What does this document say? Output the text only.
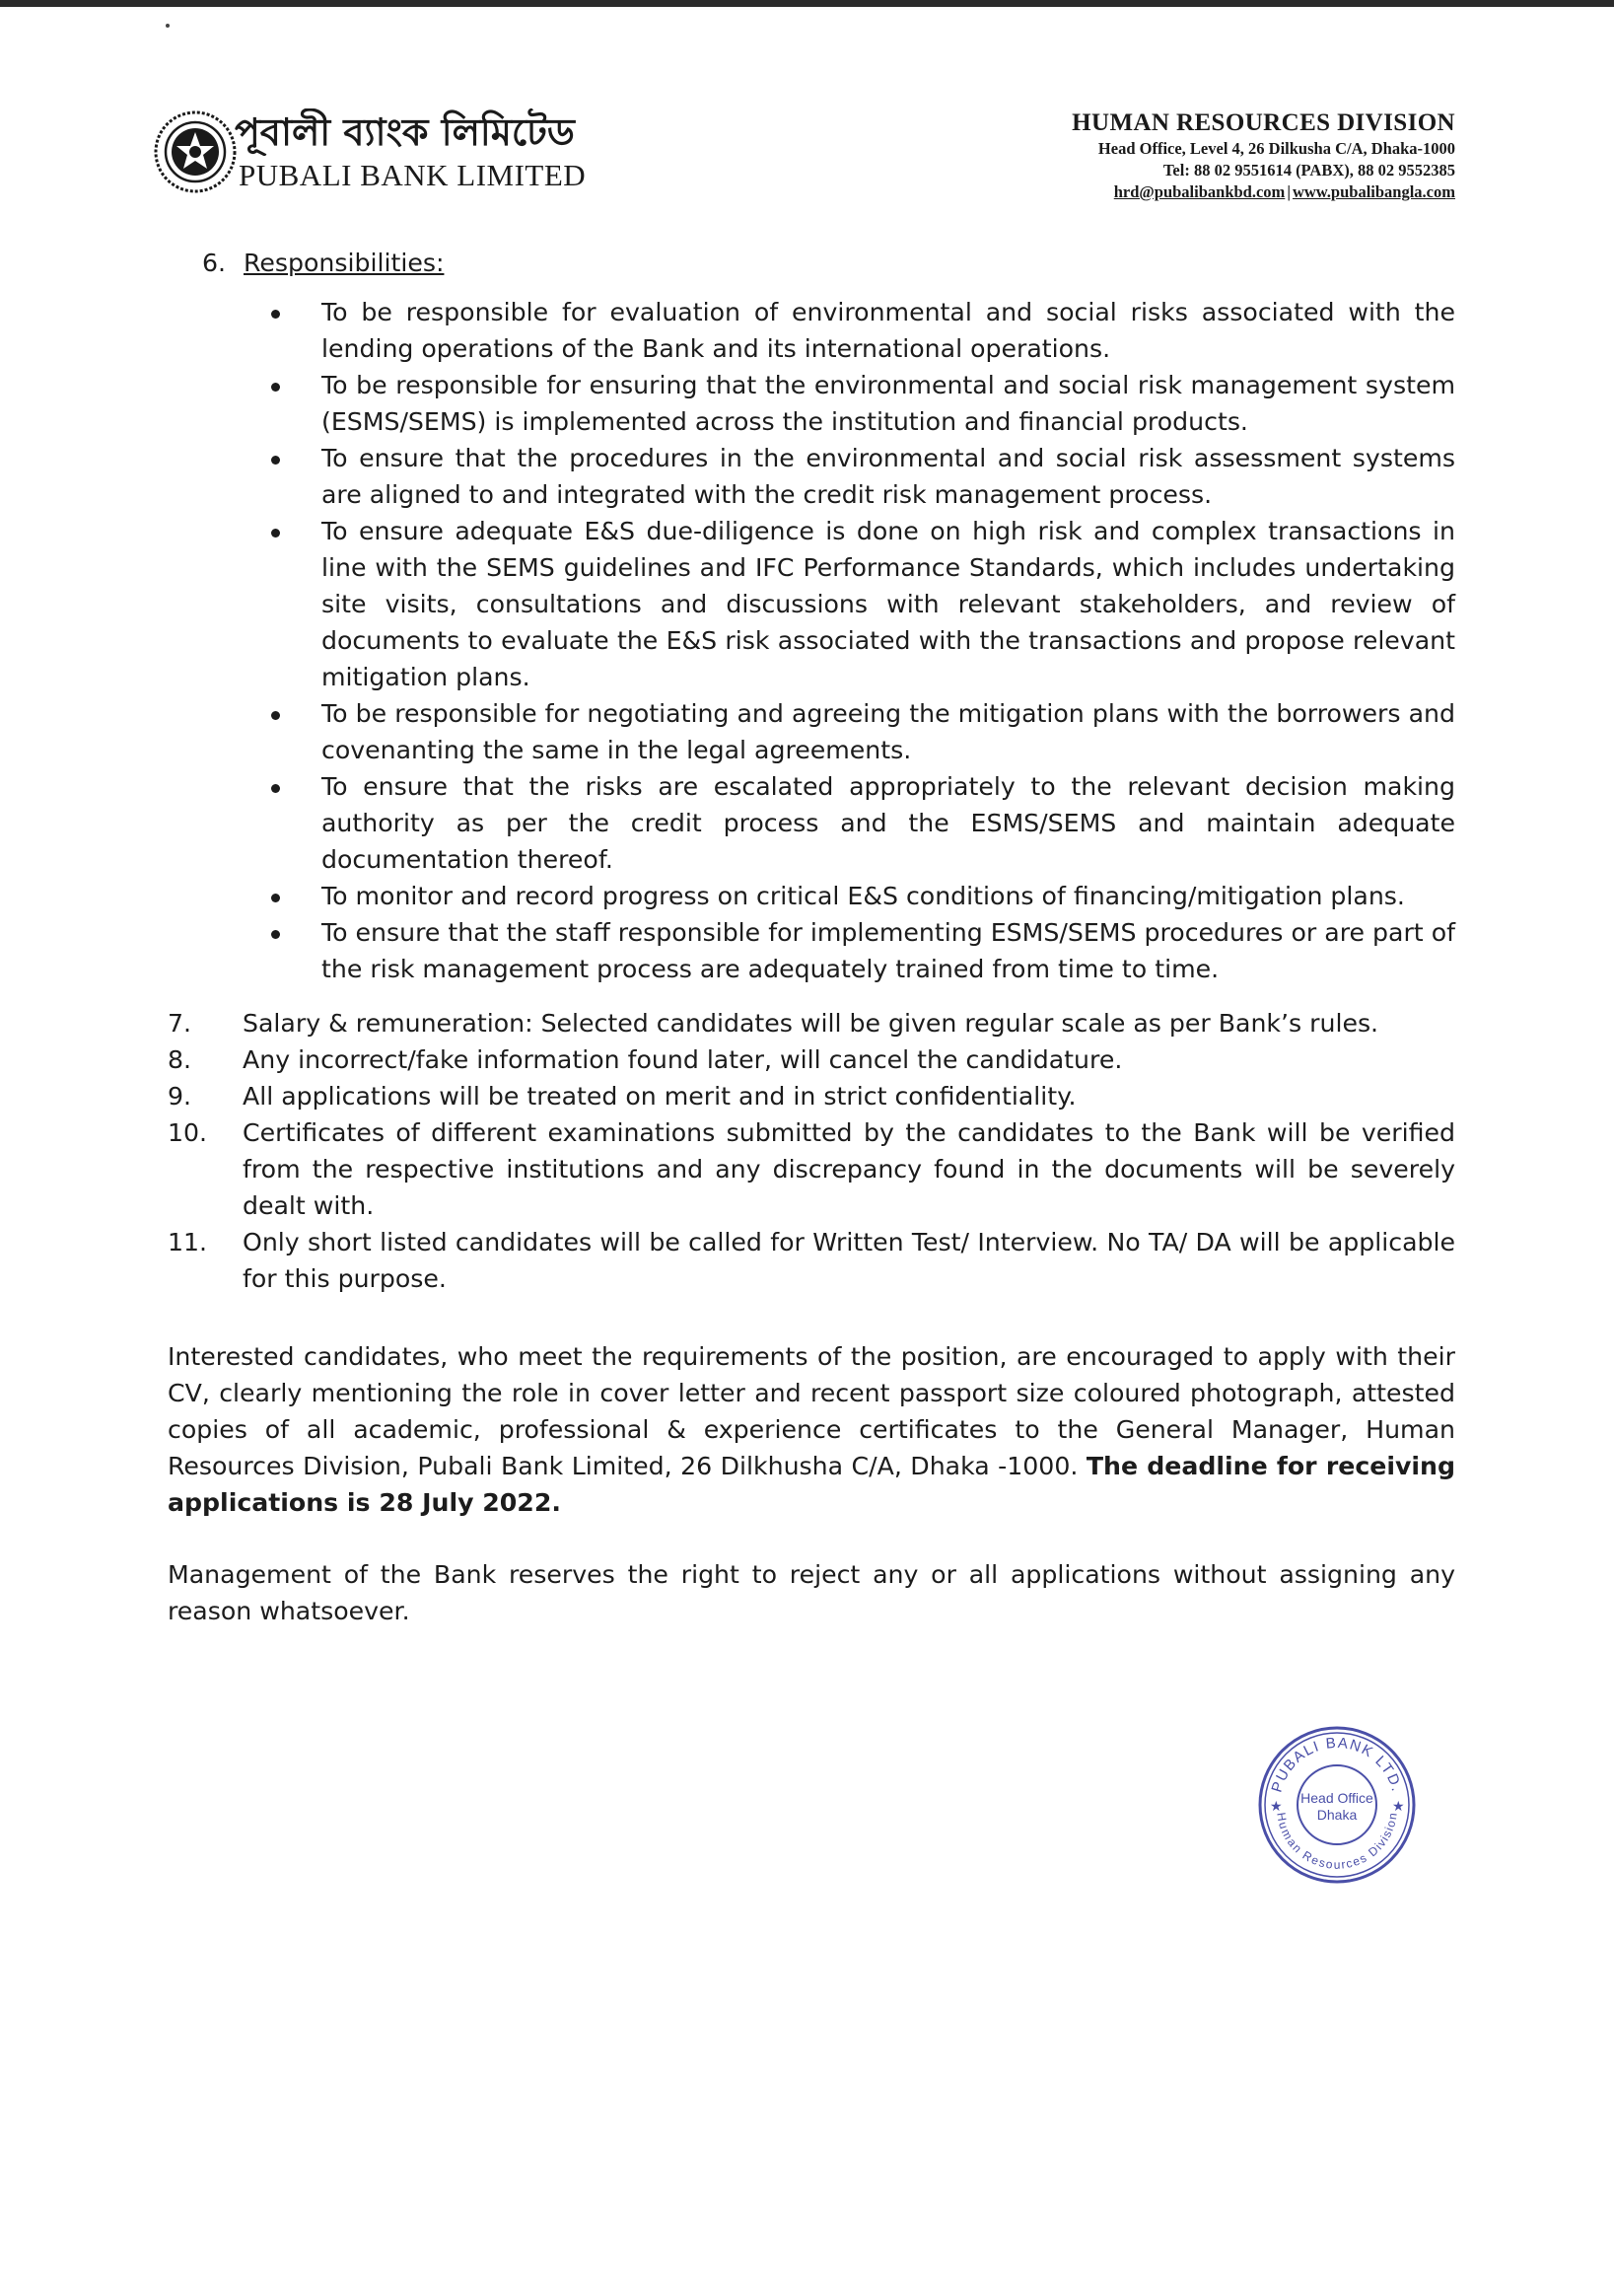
পূবালী ব্যাংক লিমিটেড
PUBALI BANK LIMITED
HUMAN RESOURCES DIVISION
Head Office, Level 4, 26 Dilkusha C/A, Dhaka-1000
Tel: 88 02 9551614 (PABX), 88 02 9552385
hrd@pubalibankbd.com | www.pubalibangla.com
6. Responsibilities:
To be responsible for evaluation of environmental and social risks associated with the lending operations of the Bank and its international operations.
To be responsible for ensuring that the environmental and social risk management system (ESMS/SEMS) is implemented across the institution and financial products.
To ensure that the procedures in the environmental and social risk assessment systems are aligned to and integrated with the credit risk management process.
To ensure adequate E&S due-diligence is done on high risk and complex transactions in line with the SEMS guidelines and IFC Performance Standards, which includes undertaking site visits, consultations and discussions with relevant stakeholders, and review of documents to evaluate the E&S risk associated with the transactions and propose relevant mitigation plans.
To be responsible for negotiating and agreeing the mitigation plans with the borrowers and covenanting the same in the legal agreements.
To ensure that the risks are escalated appropriately to the relevant decision making authority as per the credit process and the ESMS/SEMS and maintain adequate documentation thereof.
To monitor and record progress on critical E&S conditions of financing/mitigation plans.
To ensure that the staff responsible for implementing ESMS/SEMS procedures or are part of the risk management process are adequately trained from time to time.
7.	Salary & remuneration: Selected candidates will be given regular scale as per Bank’s rules.
8.	Any incorrect/fake information found later, will cancel the candidature.
9.	All applications will be treated on merit and in strict confidentiality.
10.	Certificates of different examinations submitted by the candidates to the Bank will be verified from the respective institutions and any discrepancy found in the documents will be severely dealt with.
11.	Only short listed candidates will be called for Written Test/ Interview. No TA/ DA will be applicable for this purpose.
Interested candidates, who meet the requirements of the position, are encouraged to apply with their CV, clearly mentioning the role in cover letter and recent passport size coloured photograph, attested copies of all academic, professional & experience certificates to the General Manager, Human Resources Division, Pubali Bank Limited, 26 Dilkhusha C/A, Dhaka -1000. The deadline for receiving applications is 28 July 2022.
Management of the Bank reserves the right to reject any or all applications without assigning any reason whatsoever.
PUBALI BANK LTD.
Human Resources Division
★	★
Head Office
Dhaka
